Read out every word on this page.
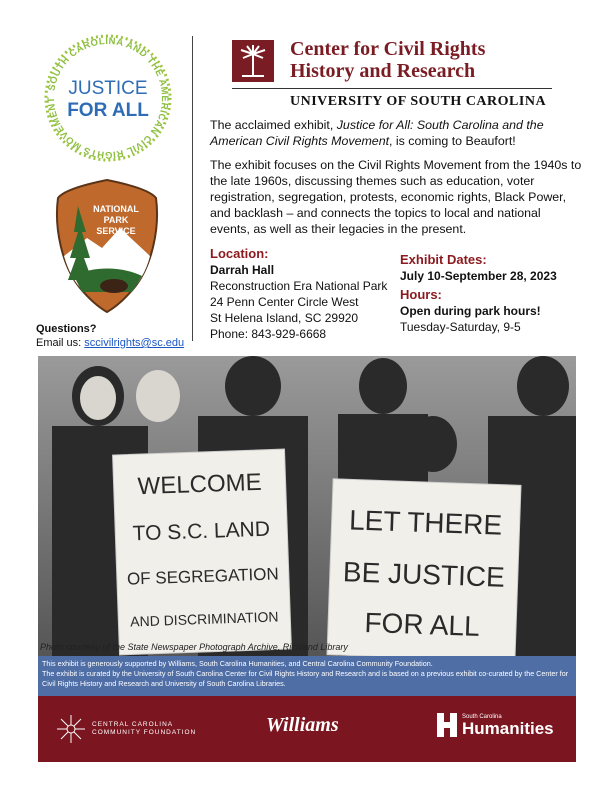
SOUTH CAROLINA AND THE AMERICAN CIVIL RIGHTS MOVEMENT
JUSTICE
FOR ALL
NATIONAL
PARK
SERVICE
Questions?
Email us: sccivilrights@sc.edu
Center for Civil Rights
History and Research
UNIVERSITY OF SOUTH CAROLINA
The acclaimed exhibit, Justice for All: South Carolina and the American Civil Rights Movement, is coming to Beaufort!
The exhibit focuses on the Civil Rights Movement from the 1940s to the late 1960s, discussing themes such as education, voter registration, segregation, protests, economic rights, Black Power, and backlash – and connects the topics to local and national events, as well as their legacies in the present.
Location:
Darrah Hall
Reconstruction Era National Park
24 Penn Center Circle West
St Helena Island, SC 29920
Phone: 843-929-6668
Exhibit Dates:
July 10-September 28, 2023
Hours:
Open during park hours!
Tuesday-Saturday, 9-5
WELCOME
TO S.C. LAND
OF SEGREGATION
AND DISCRIMINATION
LET THERE
BE JUSTICE
FOR ALL
Photo courtesy of the State Newspaper Photograph Archive, Richland Library
This exhibit is generously supported by Williams, South Carolina Humanities, and Central Carolina Community Foundation.
The exhibit is curated by the University of South Carolina Center for Civil Rights History and Research and is based on a previous exhibit co-curated by the Center for Civil Rights History and Research and University of South Carolina Libraries.
CENTRAL CAROLINA
COMMUNITY FOUNDATION	Williams	South Carolina
Humanities
